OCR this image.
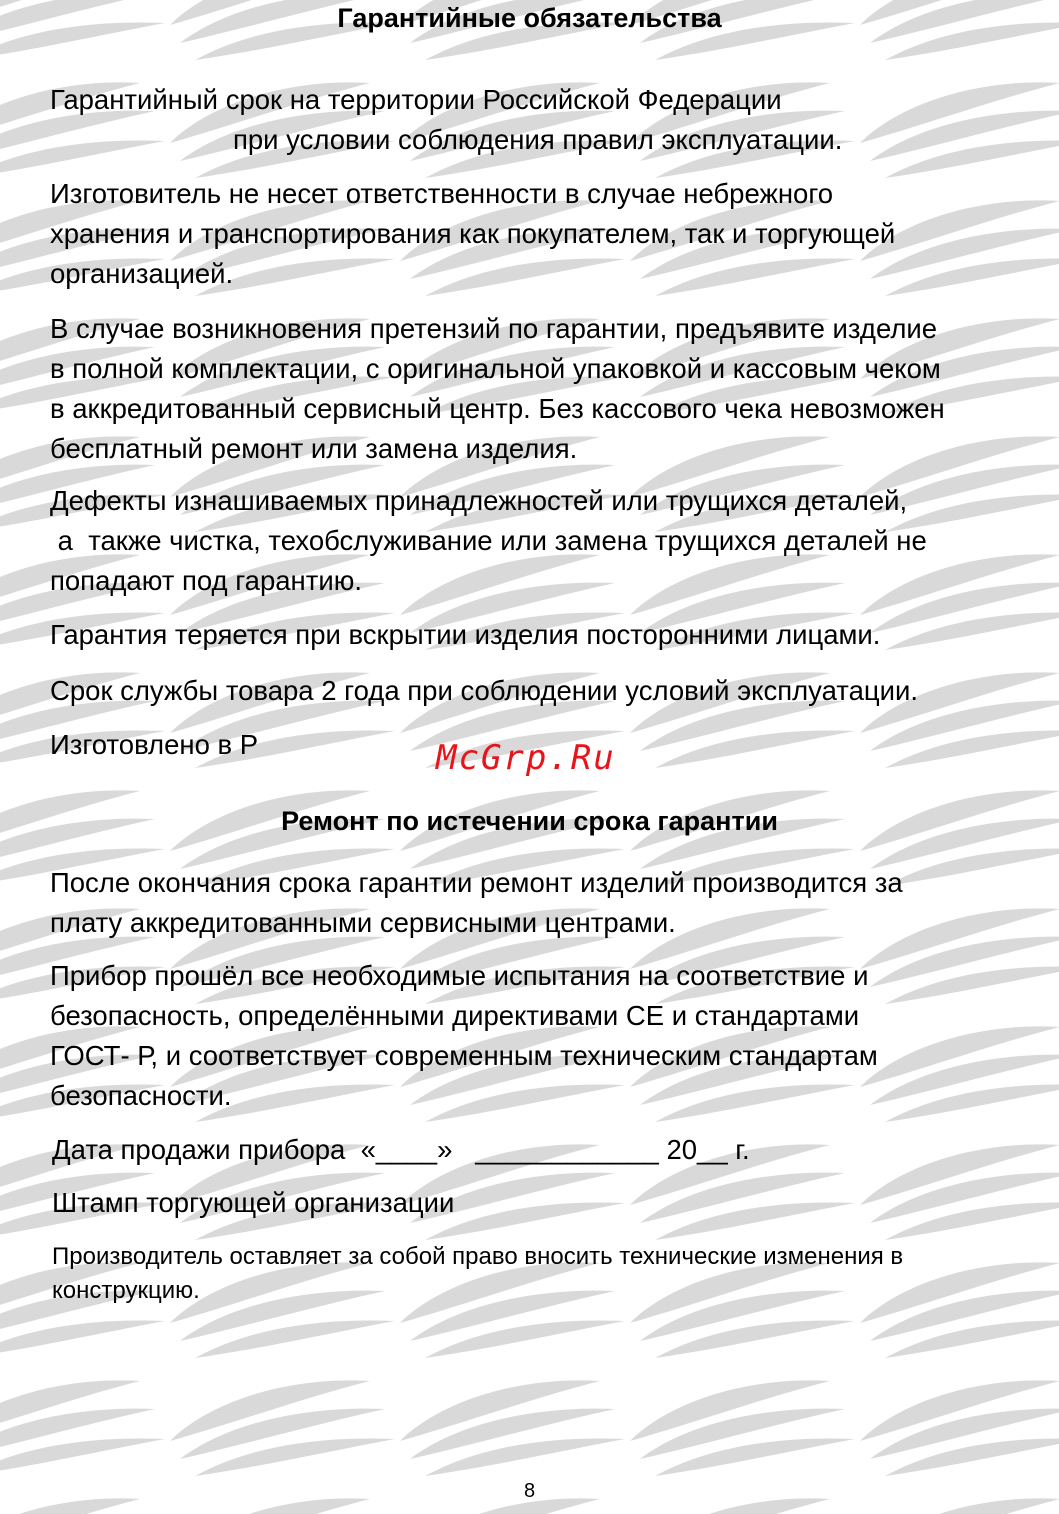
Гарантийные обязательства
Гарантийный срок на территории Российской Федерации
при условии соблюдения правил эксплуатации.
Изготовитель не несет ответственности в случае небрежного
хранения и транспортирования как покупателем, так и торгующей
организацией.
В случае возникновения претензий по гарантии, предъявите изделие
в полной комплектации, с оригинальной упаковкой и кассовым чеком
в аккредитованный сервисный центр. Без кассового чека невозможен
бесплатный ремонт или замена изделия.
Дефекты изнашиваемых принадлежностей или трущихся деталей,
а  также чистка, техобслуживание или замена трущихся деталей не
попадают под гарантию.

Гарантия теряется при вскрытии изделия посторонними лицами.

Срок службы товара 2 года при соблюдении условий эксплуатации.

Изготовлено в Р

Ремонт по истечении срока гарантии
После окончания срока гарантии ремонт изделий производится за
плату аккредитованными сервисными центрами.
Прибор прошёл все необходимые испытания на соответствие и
безопасность, определёнными директивами СЕ и стандартами
ГОСТ- Р, и соответствует современным техническим стандартам
безопасности.

Дата продажи прибора  «____»   ____________ 20__ г.

Штамп торгующей организации

Производитель оставляет за собой право вносить технические изменения в
конструкцию.
8
McGrp.Ru
